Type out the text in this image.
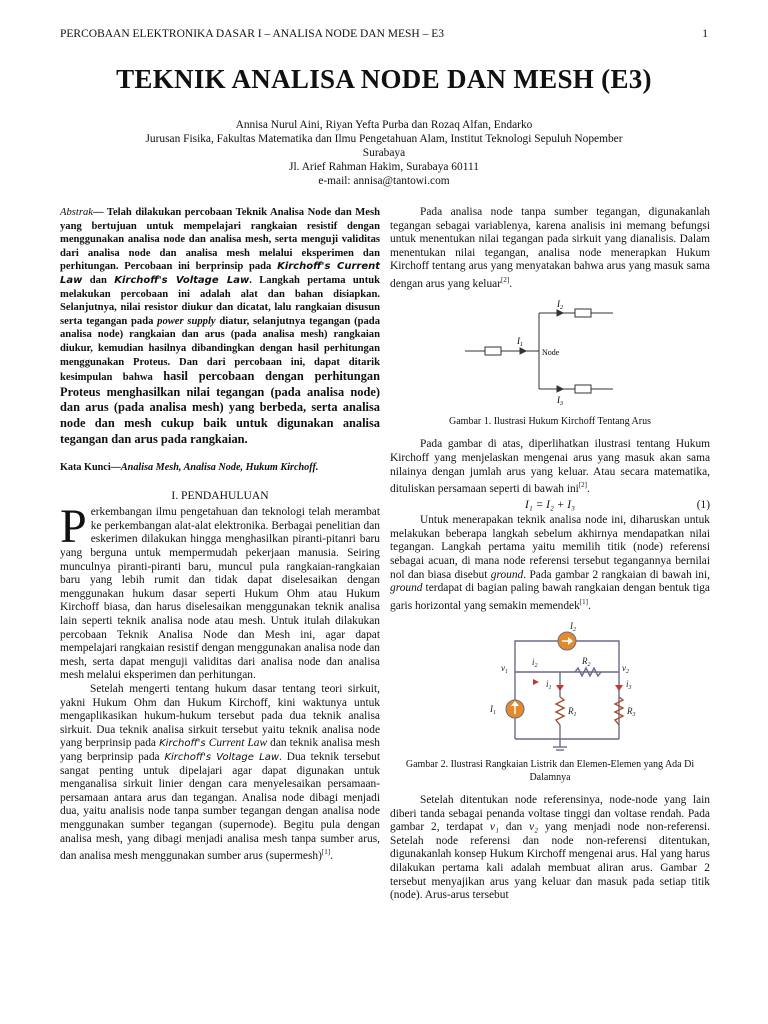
PERCOBAAN ELEKTRONIKA DASAR I – ANALISA NODE DAN MESH – E3	1
TEKNIK ANALISA NODE DAN MESH (E3)
Annisa Nurul Aini, Riyan Yefta Purba dan Rozaq Alfan, Endarko
Jurusan Fisika, Fakultas Matematika dan Ilmu Pengetahuan Alam, Institut Teknologi Sepuluh Nopember
Surabaya
Jl. Arief Rahman Hakim, Surabaya 60111
e-mail: annisa@tantowi.com

Abstrak— Telah dilakukan percobaan Teknik Analisa Node dan Mesh yang bertujuan untuk mempelajari rangkaian resistif dengan menggunakan analisa node dan analisa mesh, serta menguji validitas dari analisa node dan analisa mesh melalui eksperimen dan perhitungan. Percobaan ini berprinsip pada Kirchoff's Current Law dan Kirchoff's Voltage Law. Langkah pertama untuk melakukan percobaan ini adalah alat dan bahan disiapkan. Selanjutnya, nilai resistor diukur dan dicatat, lalu rangkaian disusun serta tegangan pada power supply diatur, selanjutnya tegangan (pada analisa node) rangkaian dan arus (pada analisa mesh) rangkaian diukur, kemudian hasilnya dibandingkan dengan hasil perhitungan menggunakan Proteus. Dan dari percobaan ini, dapat ditarik kesimpulan bahwa hasil percobaan dengan perhitungan Proteus menghasilkan nilai tegangan (pada analisa node) dan arus (pada analisa mesh) yang berbeda, serta analisa node dan mesh cukup baik untuk digunakan analisa tegangan dan arus pada rangkaian.

Kata Kunci—Analisa Mesh, Analisa Node, Hukum Kirchoff.

I. PENDAHULUAN

Perkembangan ilmu pengetahuan dan teknologi telah merambat ke perkembangan alat-alat elektronika. Berbagai penelitian dan eskerimen dilakukan hingga menghasilkan piranti-pitanri baru yang berguna untuk mempermudah pekerjaan manusia. Seiring munculnya piranti-piranti baru, muncul pula rangkaian-rangkaian baru yang lebih rumit dan tidak dapat diselesaikan dengan menggunakan hukum dasar seperti Hukum Ohm atau Hukum Kirchoff biasa, dan harus diselesaikan menggunakan teknik analisa lain seperti teknik analisa node atau mesh. Untuk itulah dilakukan percobaan Teknik Analisa Node dan Mesh ini, agar dapat mempelajari rangkaian resistif dengan menggunakan analisa node dan mesh, serta dapat menguji validitas dari analisa node dan analisa mesh melalui eksperimen dan perhitungan.

Setelah mengerti tentang hukum dasar tentang teori sirkuit, yakni Hukum Ohm dan Hukum Kirchoff, kini waktunya untuk mengaplikasikan hukum-hukum tersebut pada dua teknik analisa sirkuit. Dua teknik analisa sirkuit tersebut yaitu teknik analisa node yang berprinsip pada Kirchoff's Current Law dan teknik analisa mesh yang berprinsip pada Kirchoff's Voltage Law. Dua teknik tersebut sangat penting untuk dipelajari agar dapat digunakan untuk menganalisa sirkuit linier dengan cara menyelesaikan persamaan-persamaan antara arus dan tegangan. Analisa node dibagi menjadi dua, yaitu analisis node tanpa sumber tegangan dengan analisa node menggunakan sumber tegangan (supernode). Begitu pula dengan analisa mesh, yang dibagi menjadi analisa mesh tanpa sumber arus, dan analisa mesh menggunakan sumber arus (supermesh)[1].

Pada analisa node tanpa sumber tegangan, digunakanlah tegangan sebagai variablenya, karena analisis ini memang befungsi untuk menentukan nilai tegangan pada sirkuit yang dianalisis. Dalam menentukan nilai tegangan, analisa node menerapkan Hukum Kirchoff tentang arus yang menyatakan bahwa arus yang masuk sama dengan arus yang keluar[2].

Node
$I_1$
$I_2$
$I_3$
Gambar 1. Ilustrasi Hukum Kirchoff Tentang Arus

Pada gambar di atas, diperlihatkan ilustrasi tentang Hukum Kirchoff yang menjelaskan mengenai arus yang masuk akan sama nilainya dengan jumlah arus yang keluar. Atau secara matematika, dituliskan persamaan seperti di bawah ini[2].

I₁ = I₂ + I₃	(1)

Untuk menerapakan teknik analisa node ini, diharuskan untuk melakukan beberapa langkah sebelum akhirnya mendapatkan nilai tegangan. Langkah pertama yaitu memilih titik (node) referensi sebagai acuan, di mana node referensi tersebut tegangannya bernilai nol dan biasa disebut ground. Pada gambar 2 rangkaian di bawah ini, ground terdapat di bagian paling bawah rangkaian dengan bentuk tiga garis horizontal yang semakin memendek[1].

$I_2$
$i_2$	$R_2$
$v_1$	$v_2$
$i_1$	$i_3$
$I_1$	$R_1$	$R_3$
Gambar 2. Ilustrasi Rangkaian Listrik dan Elemen-Elemen yang Ada Di Dalamnya

Setelah ditentukan node referensinya, node-node yang lain diberi tanda sebagai penanda voltase tinggi dan voltase rendah. Pada gambar 2, terdapat v₁ dan v₂ yang menjadi node non-referensi. Setelah node referensi dan node non-referensi ditentukan, digunakanlah konsep Hukum Kirchoff mengenai arus. Hal yang harus dilakukan pertama kali adalah membuat aliran arus. Gambar 2 tersebut menyajikan arus yang keluar dan masuk pada setiap titik (node). Arus-arus tersebut
